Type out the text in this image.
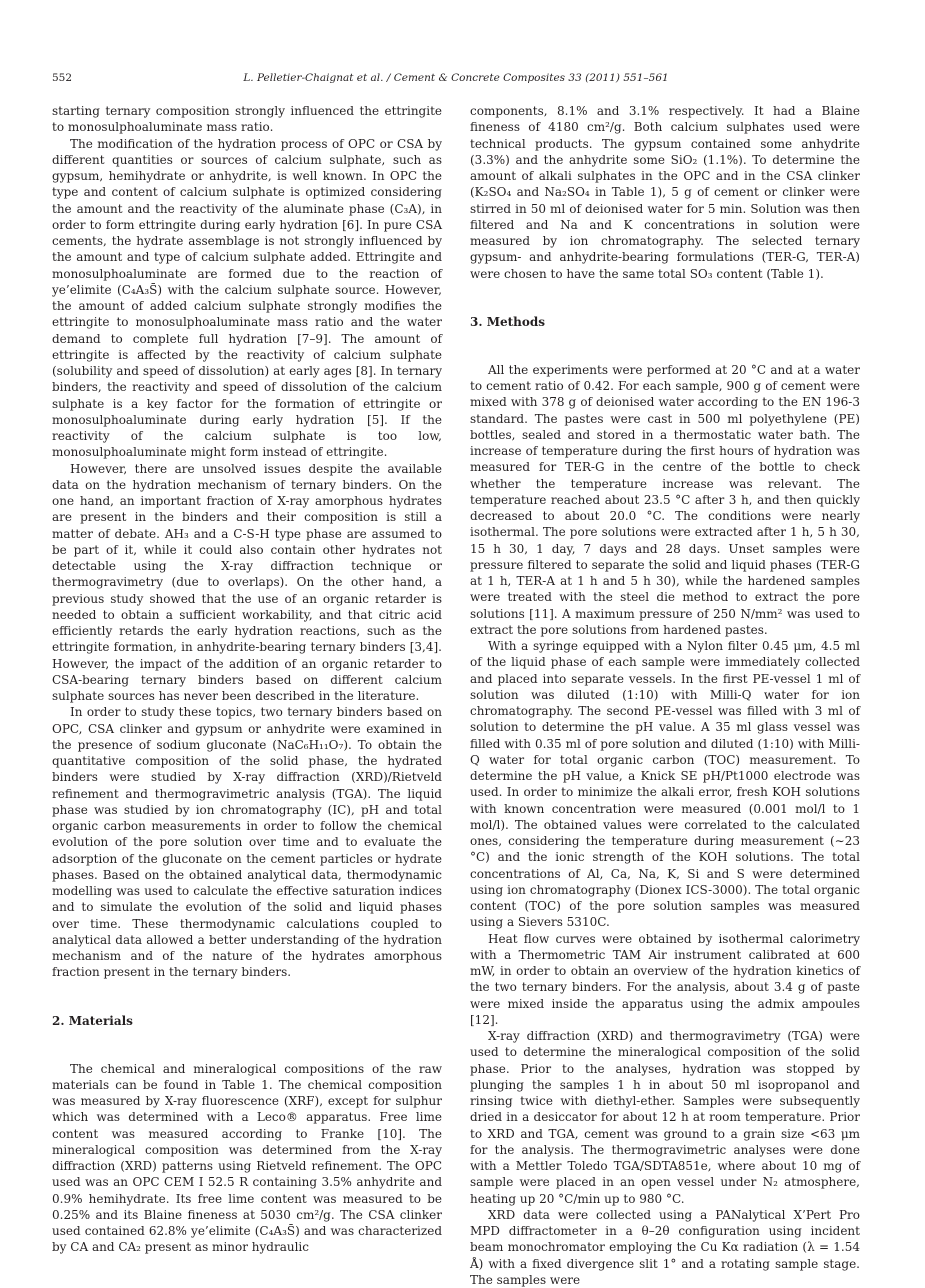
552	L. Pelletier-Chaignat et al. / Cement & Concrete Composites 33 (2011) 551–561

starting ternary composition strongly influenced the ettringite to monosulphoaluminate mass ratio.

The modification of the hydration process of OPC or CSA by different quantities or sources of calcium sulphate, such as gypsum, hemihydrate or anhydrite, is well known. In OPC the type and content of calcium sulphate is optimized considering the amount and the reactivity of the aluminate phase (C₃A), in order to form ettringite during early hydration [6]. In pure CSA cements, the hydrate assemblage is not strongly influenced by the amount and type of calcium sulphate added. Ettringite and monosulphoaluminate are formed due to the reaction of ye’elimite (C₄A₃S̄) with the calcium sulphate source. However, the amount of added calcium sulphate strongly modifies the ettringite to monosulphoaluminate mass ratio and the water demand to complete full hydration [7–9]. The amount of ettringite is affected by the reactivity of calcium sulphate (solubility and speed of dissolution) at early ages [8]. In ternary binders, the reactivity and speed of dissolution of the calcium sulphate is a key factor for the formation of ettringite or monosulphoaluminate during early hydration [5]. If the reactivity of the calcium sulphate is too low, monosulphoaluminate might form instead of ettringite.

However, there are unsolved issues despite the available data on the hydration mechanism of ternary binders. On the one hand, an important fraction of X-ray amorphous hydrates are present in the binders and their composition is still a matter of debate. AH₃ and a C-S-H type phase are assumed to be part of it, while it could also contain other hydrates not detectable using the X-ray diffraction technique or thermogravimetry (due to overlaps). On the other hand, a previous study showed that the use of an organic retarder is needed to obtain a sufficient workability, and that citric acid efficiently retards the early hydration reactions, such as the ettringite formation, in anhydrite-bearing ternary binders [3,4]. However, the impact of the addition of an organic retarder to CSA-bearing ternary binders based on different calcium sulphate sources has never been described in the literature.

In order to study these topics, two ternary binders based on OPC, CSA clinker and gypsum or anhydrite were examined in the presence of sodium gluconate (NaC₆H₁₁O₇). To obtain the quantitative composition of the solid phase, the hydrated binders were studied by X-ray diffraction (XRD)/Rietveld refinement and thermogravimetric analysis (TGA). The liquid phase was studied by ion chromatography (IC), pH and total organic carbon measurements in order to follow the chemical evolution of the pore solution over time and to evaluate the adsorption of the gluconate on the cement particles or hydrate phases. Based on the obtained analytical data, thermodynamic modelling was used to calculate the effective saturation indices and to simulate the evolution of the solid and liquid phases over time. These thermodynamic calculations coupled to analytical data allowed a better understanding of the hydration mechanism and of the nature of the hydrates amorphous fraction present in the ternary binders.

2. Materials

The chemical and mineralogical compositions of the raw materials can be found in Table 1. The chemical composition was measured by X-ray fluorescence (XRF), except for sulphur which was determined with a Leco® apparatus. Free lime content was measured according to Franke [10]. The mineralogical composition was determined from the X-ray diffraction (XRD) patterns using Rietveld refinement. The OPC used was an OPC CEM I 52.5 R containing 3.5% anhydrite and 0.9% hemihydrate. Its free lime content was measured to be 0.25% and its Blaine fineness at 5030 cm²/g. The CSA clinker used contained 62.8% ye’elimite (C₄A₃S̄) and was characterized by CA and CA₂ present as minor hydraulic

components, 8.1% and 3.1% respectively. It had a Blaine fineness of 4180 cm²/g. Both calcium sulphates used were technical products. The gypsum contained some anhydrite (3.3%) and the anhydrite some SiO₂ (1.1%). To determine the amount of alkali sulphates in the OPC and in the CSA clinker (K₂SO₄ and Na₂SO₄ in Table 1), 5 g of cement or clinker were stirred in 50 ml of deionised water for 5 min. Solution was then filtered and Na and K concentrations in solution were measured by ion chromatography. The selected ternary gypsum- and anhydrite-bearing formulations (TER-G, TER-A) were chosen to have the same total SO₃ content (Table 1).

3. Methods

All the experiments were performed at 20 °C and at a water to cement ratio of 0.42. For each sample, 900 g of cement were mixed with 378 g of deionised water according to the EN 196-3 standard. The pastes were cast in 500 ml polyethylene (PE) bottles, sealed and stored in a thermostatic water bath. The increase of temperature during the first hours of hydration was measured for TER-G in the centre of the bottle to check whether the temperature increase was relevant. The temperature reached about 23.5 °C after 3 h, and then quickly decreased to about 20.0 °C. The conditions were nearly isothermal. The pore solutions were extracted after 1 h, 5 h 30, 15 h 30, 1 day, 7 days and 28 days. Unset samples were pressure filtered to separate the solid and liquid phases (TER-G at 1 h, TER-A at 1 h and 5 h 30), while the hardened samples were treated with the steel die method to extract the pore solutions [11]. A maximum pressure of 250 N/mm² was used to extract the pore solutions from hardened pastes.

With a syringe equipped with a Nylon filter 0.45 μm, 4.5 ml of the liquid phase of each sample were immediately collected and placed into separate vessels. In the first PE-vessel 1 ml of solution was diluted (1:10) with Milli-Q water for ion chromatography. The second PE-vessel was filled with 3 ml of solution to determine the pH value. A 35 ml glass vessel was filled with 0.35 ml of pore solution and diluted (1:10) with Milli-Q water for total organic carbon (TOC) measurement. To determine the pH value, a Knick SE pH/Pt1000 electrode was used. In order to minimize the alkali error, fresh KOH solutions with known concentration were measured (0.001 mol/l to 1 mol/l). The obtained values were correlated to the calculated ones, considering the temperature during measurement (∼23 °C) and the ionic strength of the KOH solutions. The total concentrations of Al, Ca, Na, K, Si and S were determined using ion chromatography (Dionex ICS-3000). The total organic content (TOC) of the pore solution samples was measured using a Sievers 5310C.

Heat flow curves were obtained by isothermal calorimetry with a Thermometric TAM Air instrument calibrated at 600 mW, in order to obtain an overview of the hydration kinetics of the two ternary binders. For the analysis, about 3.4 g of paste were mixed inside the apparatus using the admix ampoules [12].

X-ray diffraction (XRD) and thermogravimetry (TGA) were used to determine the mineralogical composition of the solid phase. Prior to the analyses, hydration was stopped by plunging the samples 1 h in about 50 ml isopropanol and rinsing twice with diethyl-ether. Samples were subsequently dried in a desiccator for about 12 h at room temperature. Prior to XRD and TGA, cement was ground to a grain size <63 μm for the analysis. The thermogravimetric analyses were done with a Mettler Toledo TGA/SDTA851e, where about 10 mg of sample were placed in an open vessel under N₂ atmosphere, heating up 20 °C/min up to 980 °C.

XRD data were collected using a PANalytical X’Pert Pro MPD diffractometer in a θ–2θ configuration using incident beam monochromator employing the Cu Kα radiation (λ = 1.54 Å) with a fixed divergence slit 1° and a rotating sample stage. The samples were
